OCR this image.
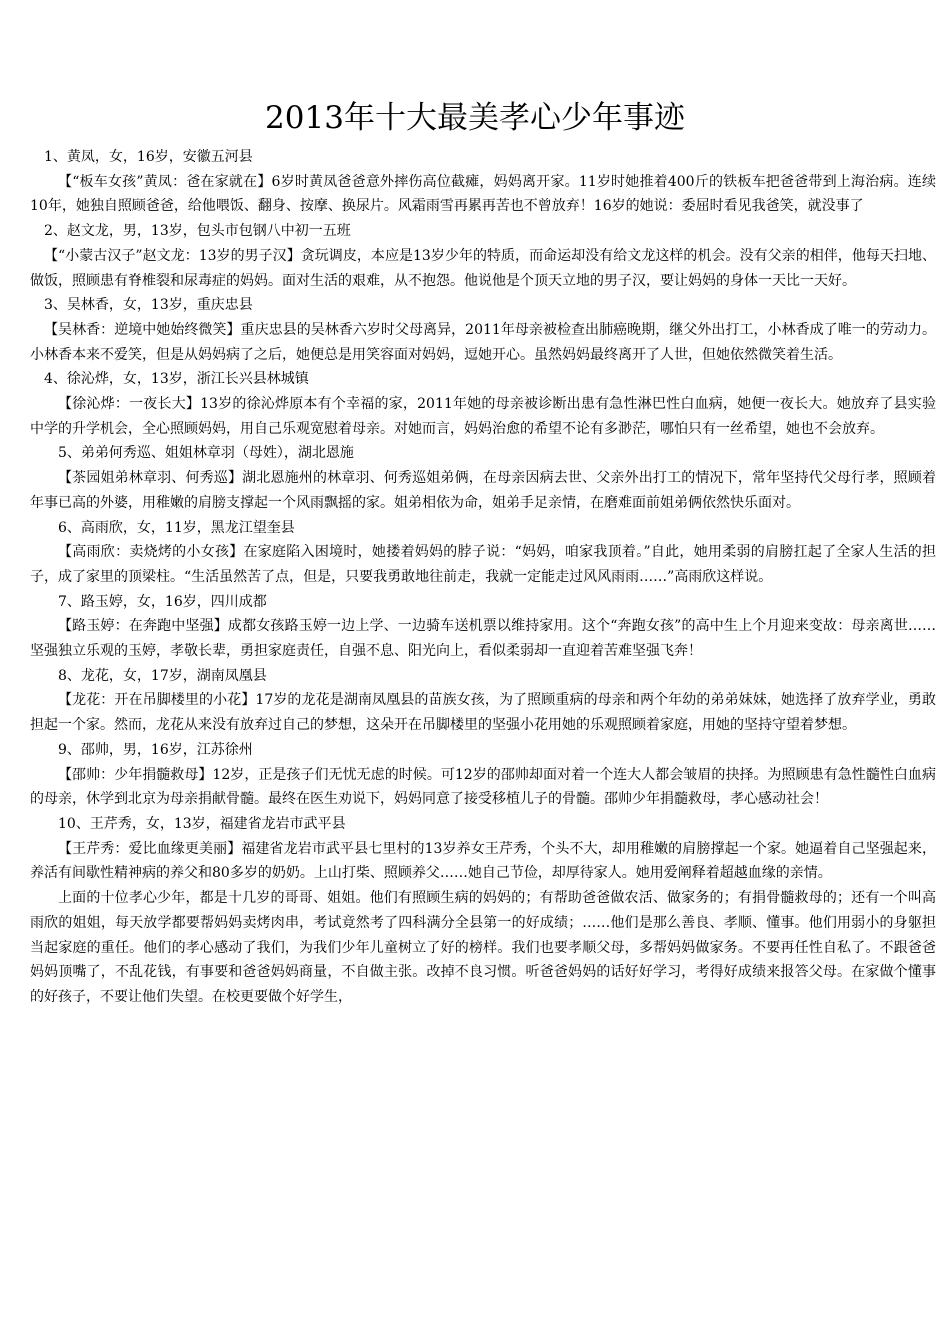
2013年十大最美孝心少年事迹

1、黄凤，女，16岁，安徽五河县

【“板车女孩”黄凤：爸在家就在】6岁时黄凤爸爸意外摔伤高位截瘫，妈妈离开家。11岁时她推着400斤的铁板车把爸爸带到上海治病。连续10年，她独自照顾爸爸，给他喂饭、翻身、按摩、换尿片。风霜雨雪再累再苦也不曾放弃！16岁的她说：委屈时看见我爸笑，就没事了

2、赵文龙，男，13岁，包头市包钢八中初一五班

【“小蒙古汉子”赵文龙：13岁的男子汉】贪玩调皮，本应是13岁少年的特质，而命运却没有给文龙这样的机会。没有父亲的相伴，他每天扫地、做饭，照顾患有脊椎裂和尿毒症的妈妈。面对生活的艰难，从不抱怨。他说他是个顶天立地的男子汉，要让妈妈的身体一天比一天好。

3、吴林香，女，13岁，重庆忠县

【吴林香：逆境中她始终微笑】重庆忠县的吴林香六岁时父母离异，2011年母亲被检查出肺癌晚期，继父外出打工，小林香成了唯一的劳动力。小林香本来不爱笑，但是从妈妈病了之后，她便总是用笑容面对妈妈，逗她开心。虽然妈妈最终离开了人世，但她依然微笑着生活。

4、徐沁烨，女，13岁，浙江长兴县林城镇

【徐沁烨：一夜长大】13岁的徐沁烨原本有个幸福的家，2011年她的母亲被诊断出患有急性淋巴性白血病，她便一夜长大。她放弃了县实验中学的升学机会，全心照顾妈妈，用自己乐观宽慰着母亲。对她而言，妈妈治愈的希望不论有多渺茫，哪怕只有一丝希望，她也不会放弃。

5、弟弟何秀巡、姐姐林章羽（母姓），湖北恩施

【茶园姐弟林章羽、何秀巡】湖北恩施州的林章羽、何秀巡姐弟俩，在母亲因病去世、父亲外出打工的情况下，常年坚持代父母行孝，照顾着年事已高的外婆，用稚嫩的肩膀支撑起一个风雨飘摇的家。姐弟相依为命，姐弟手足亲情，在磨难面前姐弟俩依然快乐面对。

6、高雨欣，女，11岁，黑龙江望奎县

【高雨欣：卖烧烤的小女孩】在家庭陷入困境时，她搂着妈妈的脖子说：“妈妈，咱家我顶着。”自此，她用柔弱的肩膀扛起了全家人生活的担子，成了家里的顶梁柱。“生活虽然苦了点，但是，只要我勇敢地往前走，我就一定能走过风风雨雨……”高雨欣这样说。

7、路玉婷，女，16岁，四川成都

【路玉婷：在奔跑中坚强】成都女孩路玉婷一边上学、一边骑车送机票以维持家用。这个“奔跑女孩”的高中生上个月迎来变故：母亲离世……坚强独立乐观的玉婷，孝敬长辈，勇担家庭责任，自强不息、阳光向上，看似柔弱却一直迎着苦难坚强飞奔！

8、龙花，女，17岁，湖南凤凰县

【龙花：开在吊脚楼里的小花】17岁的龙花是湖南凤凰县的苗族女孩，为了照顾重病的母亲和两个年幼的弟弟妹妹，她选择了放弃学业，勇敢担起一个家。然而，龙花从来没有放弃过自己的梦想，这朵开在吊脚楼里的坚强小花用她的乐观照顾着家庭，用她的坚持守望着梦想。

9、邵帅，男，16岁，江苏徐州

【邵帅：少年捐髓救母】12岁，正是孩子们无忧无虑的时候。可12岁的邵帅却面对着一个连大人都会皱眉的抉择。为照顾患有急性髓性白血病的母亲，休学到北京为母亲捐献骨髓。最终在医生劝说下，妈妈同意了接受移植儿子的骨髓。邵帅少年捐髓救母，孝心感动社会！

10、王芹秀，女，13岁，福建省龙岩市武平县

【王芹秀：爱比血缘更美丽】福建省龙岩市武平县七里村的13岁养女王芹秀，个头不大，却用稚嫩的肩膀撑起一个家。她逼着自己坚强起来，养活有间歇性精神病的养父和80多岁的奶奶。上山打柴、照顾养父……她自己节俭，却厚待家人。她用爱阐释着超越血缘的亲情。

上面的十位孝心少年，都是十几岁的哥哥、姐姐。他们有照顾生病的妈妈的；有帮助爸爸做农活、做家务的；有捐骨髓救母的；还有一个叫高雨欣的姐姐，每天放学都要帮妈妈卖烤肉串，考试竟然考了四科满分全县第一的好成绩；……他们是那么善良、孝顺、懂事。他们用弱小的身躯担当起家庭的重任。他们的孝心感动了我们，为我们少年儿童树立了好的榜样。我们也要孝顺父母，多帮妈妈做家务。不要再任性自私了。不跟爸爸妈妈顶嘴了，不乱花钱，有事要和爸爸妈妈商量，不自做主张。改掉不良习惯。听爸爸妈妈的话好好学习，考得好成绩来报答父母。在家做个懂事的好孩子，不要让他们失望。在校更要做个好学生，
